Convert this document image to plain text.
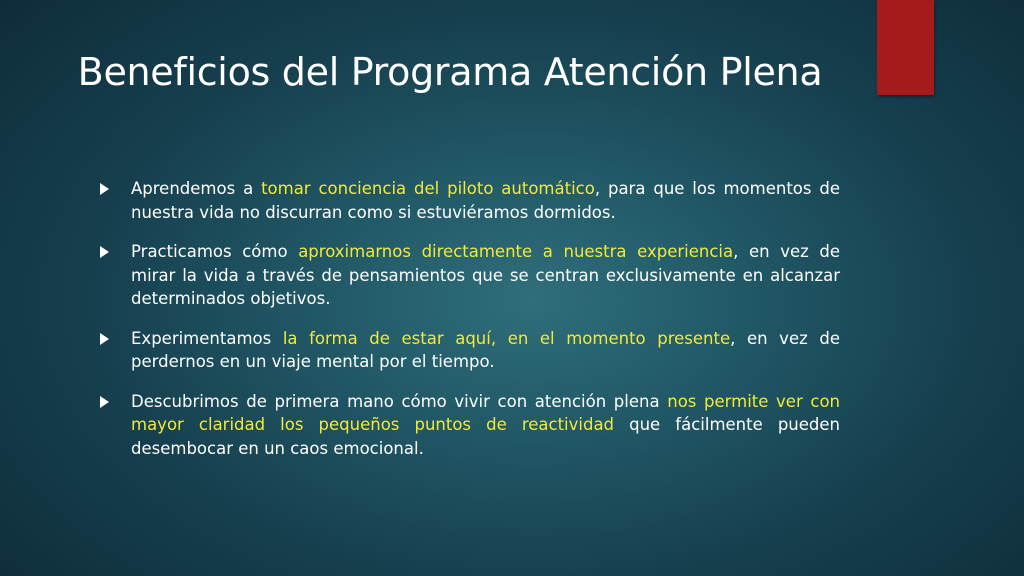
Beneficios del Programa Atención Plena
Aprendemos a tomar conciencia del piloto automático, para que los momentos de nuestra vida no discurran como si estuviéramos dormidos.
Practicamos cómo aproximarnos directamente a nuestra experiencia, en vez de mirar la vida a través de pensamientos que se centran exclusivamente en alcanzar determinados objetivos.
Experimentamos la forma de estar aquí, en el momento presente, en vez de perdernos en un viaje mental por el tiempo.
Descubrimos de primera mano cómo vivir con atención plena nos permite ver con mayor claridad los pequeños puntos de reactividad que fácilmente pueden desembocar en un caos emocional.
